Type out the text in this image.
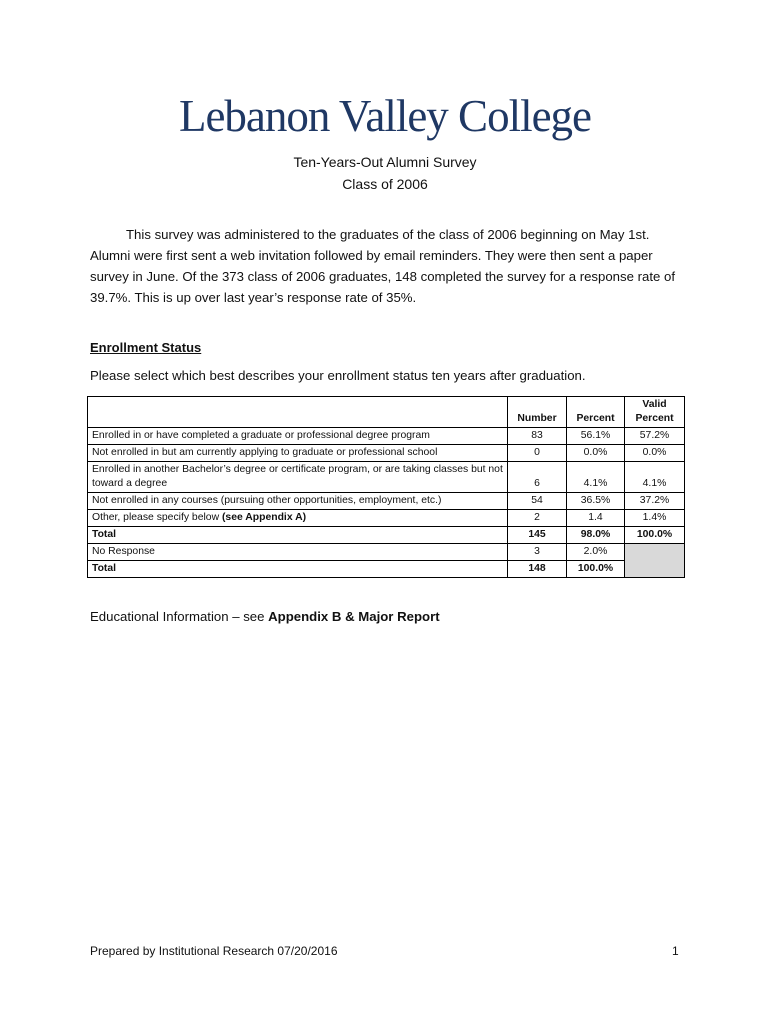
Lebanon Valley College
Ten-Years-Out Alumni Survey
Class of 2006

This survey was administered to the graduates of the class of 2006 beginning on May 1st. Alumni were first sent a web invitation followed by email reminders. They were then sent a paper survey in June. Of the 373 class of 2006 graduates, 148 completed the survey for a response rate of 39.7%. This is up over last year’s response rate of 35%.

Enrollment Status
Please select which best describes your enrollment status ten years after graduation.
	Number	Percent	Valid
Percent

Enrolled in or have completed a graduate or professional degree program	83	56.1%	57.2%
Not enrolled in but am currently applying to graduate or professional school	0	0.0%	0.0%
Enrolled in another Bachelor’s degree or certificate program, or are taking classes but not toward a degree	6	4.1%	4.1%
Not enrolled in any courses (pursuing other opportunities, employment, etc.)	54	36.5%	37.2%
Other, please specify below (see Appendix A)	2	1.4	1.4%
Total	145	98.0%	100.0%
No Response	3	2.0%	
Total	148	100.0%	
Educational Information – see Appendix B & Major Report
Prepared by Institutional Research 07/20/2016	1
